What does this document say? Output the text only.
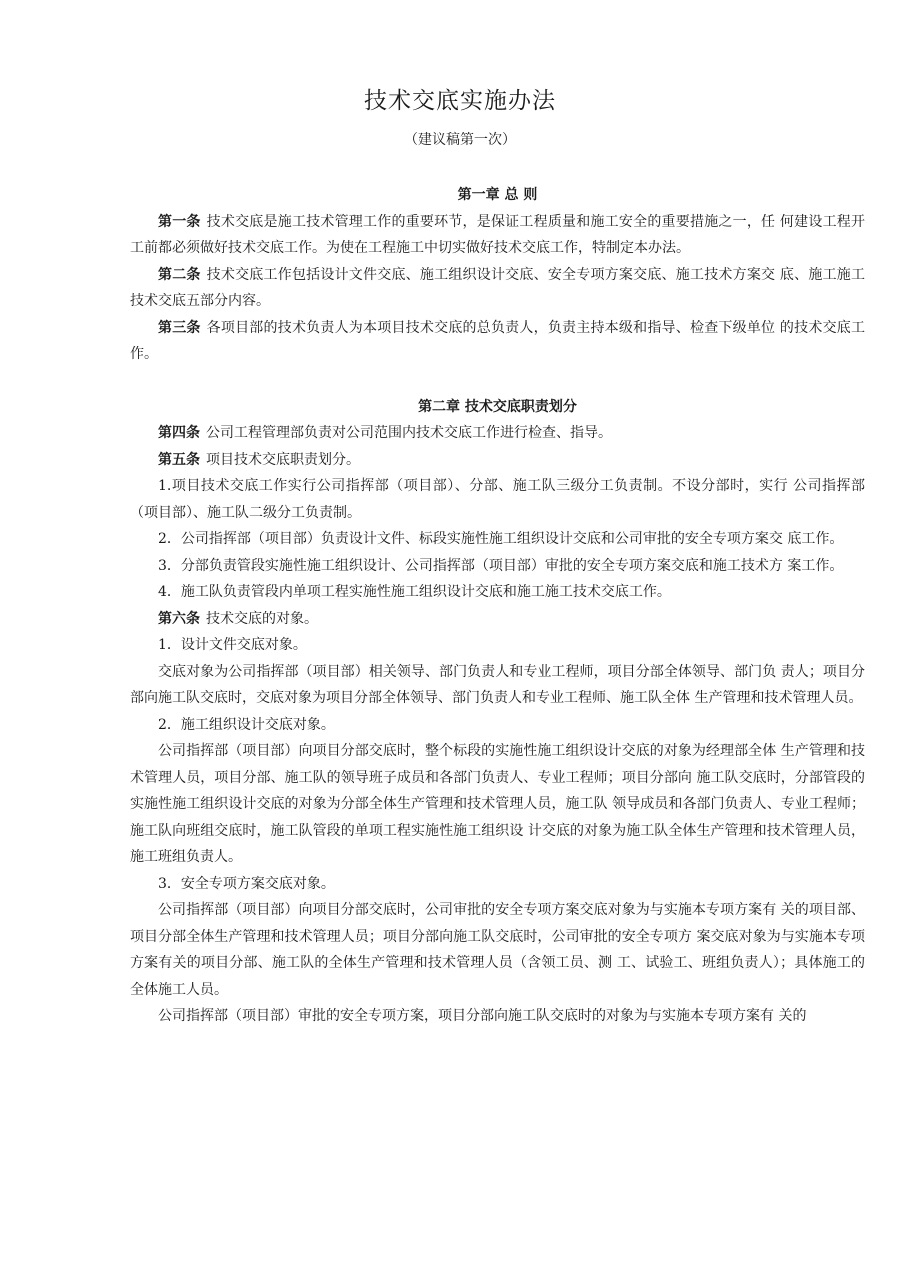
技术交底实施办法
（建议稿第一次）

第一章 总 则

第一条 技术交底是施工技术管理工作的重要环节，是保证工程质量和施工安全的重要措施之一，任 何建设工程开工前都必须做好技术交底工作。为使在工程施工中切实做好技术交底工作，特制定本办法。

第二条 技术交底工作包括设计文件交底、施工组织设计交底、安全专项方案交底、施工技术方案交 底、施工施工技术交底五部分内容。

第三条 各项目部的技术负责人为本项目技术交底的总负责人，负责主持本级和指导、检查下级单位 的技术交底工作。

第二章 技术交底职责划分

第四条 公司工程管理部负责对公司范围内技术交底工作进行检查、指导。

第五条 项目技术交底职责划分。

1.项目技术交底工作实行公司指挥部（项目部）、分部、施工队三级分工负责制。不设分部时，实行 公司指挥部（项目部）、施工队二级分工负责制。

2．公司指挥部（项目部）负责设计文件、标段实施性施工组织设计交底和公司审批的安全专项方案交 底工作。

3．分部负责管段实施性施工组织设计、公司指挥部（项目部）审批的安全专项方案交底和施工技术方 案工作。

4．施工队负责管段内单项工程实施性施工组织设计交底和施工施工技术交底工作。

第六条 技术交底的对象。

1．设计文件交底对象。

交底对象为公司指挥部（项目部）相关领导、部门负责人和专业工程师，项目分部全体领导、部门负 责人；项目分部向施工队交底时，交底对象为项目分部全体领导、部门负责人和专业工程师、施工队全体 生产管理和技术管理人员。

2．施工组织设计交底对象。

公司指挥部（项目部）向项目分部交底时，整个标段的实施性施工组织设计交底的对象为经理部全体 生产管理和技术管理人员，项目分部、施工队的领导班子成员和各部门负责人、专业工程师；项目分部向 施工队交底时，分部管段的实施性施工组织设计交底的对象为分部全体生产管理和技术管理人员，施工队 领导成员和各部门负责人、专业工程师；施工队向班组交底时，施工队管段的单项工程实施性施工组织设 计交底的对象为施工队全体生产管理和技术管理人员，施工班组负责人。

3．安全专项方案交底对象。

公司指挥部（项目部）向项目分部交底时，公司审批的安全专项方案交底对象为与实施本专项方案有 关的项目部、项目分部全体生产管理和技术管理人员；项目分部向施工队交底时，公司审批的安全专项方 案交底对象为与实施本专项方案有关的项目分部、施工队的全体生产管理和技术管理人员（含领工员、测 工、试验工、班组负责人）；具体施工的全体施工人员。

公司指挥部（项目部）审批的安全专项方案，项目分部向施工队交底时的对象为与实施本专项方案有 关的
